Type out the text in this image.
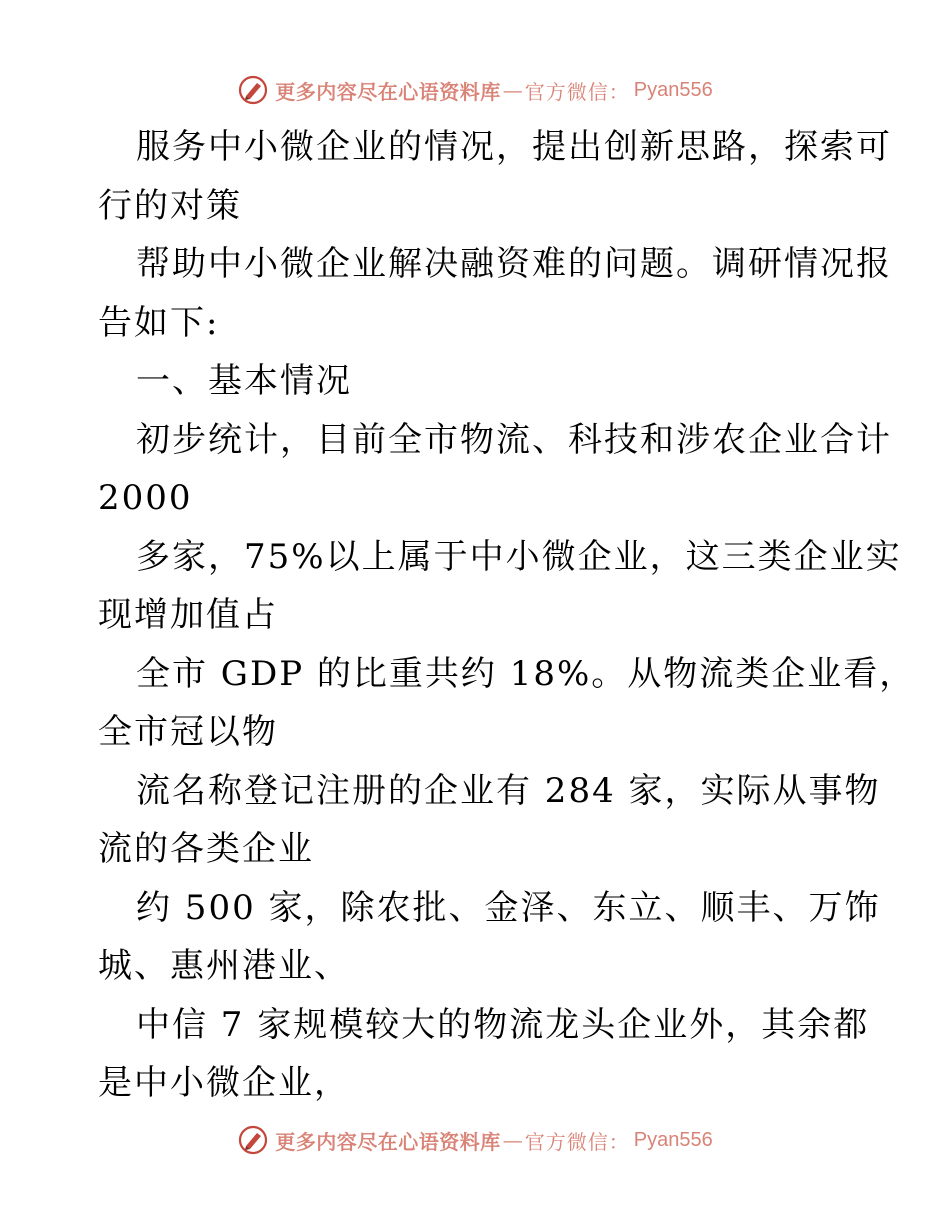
更多内容尽在心语资料库 — 官方微信： Pyan556
服务中小微企业的情况，提出创新思路，探索可
行的对策
帮助中小微企业解决融资难的问题。调研情况报
告如下:
一、基本情况
初步统计，目前全市物流、科技和涉农企业合计
2000
多家，75%以上属于中小微企业，这三类企业实
现增加值占
全市 GDP 的比重共约 18%。从物流类企业看，
全市冠以物
流名称登记注册的企业有 284 家，实际从事物
流的各类企业
约 500 家，除农批、金泽、东立、顺丰、万饰
城、惠州港业、
中信 7 家规模较大的物流龙头企业外，其余都
是中小微企业，
更多内容尽在心语资料库 — 官方微信： Pyan556
